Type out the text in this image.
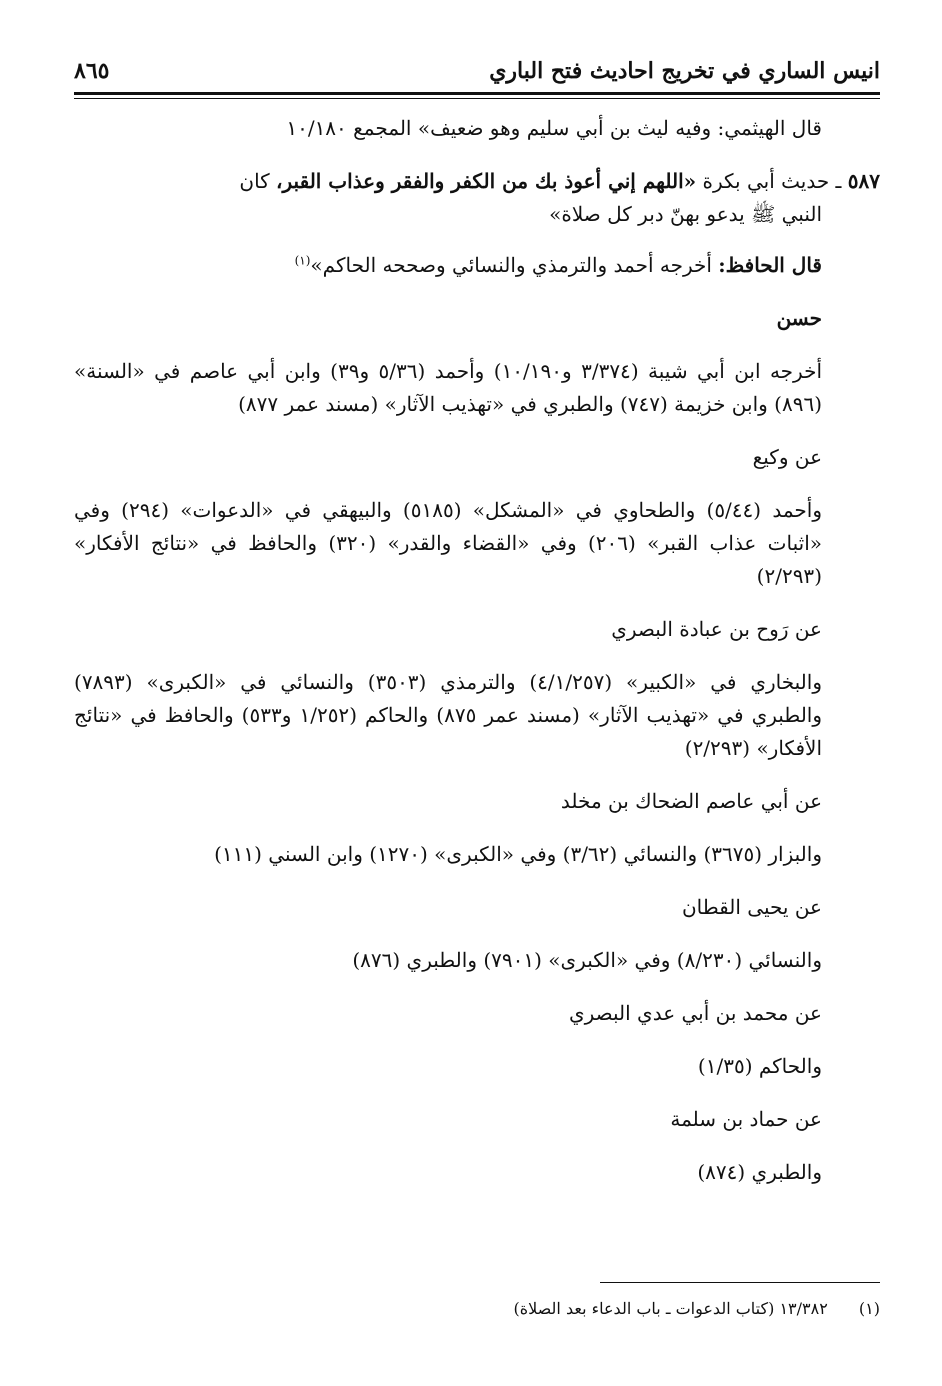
انيس الساري في تخريج احاديث فتح الباري
٨٦٥

قال الهيثمي: وفيه ليث بن أبي سليم وهو ضعيف» المجمع ١٠/١٨٠

٥٨٧ ـ حديث أبي بكرة «اللهم إني أعوذ بك من الكفر والفقر وعذاب القبر، كان
النبي ﷺ يدعو بهنّ دبر كل صلاة»

قال الحافظ: أخرجه أحمد والترمذي والنسائي وصححه الحاكم»$^{(١)}$

حسن

أخرجه ابن أبي شيبة (٣/٣٧٤ و١٠/١٩٠) وأحمد (٥/٣٦ و٣٩) وابن أبي عاصم في «السنة» (٨٩٦) وابن خزيمة (٧٤٧) والطبري في «تهذيب الآثار» (مسند عمر ٨٧٧)

عن وكيع

وأحمد (٥/٤٤) والطحاوي في «المشكل» (٥١٨٥) والبيهقي في «الدعوات» (٢٩٤) وفي «اثبات عذاب القبر» (٢٠٦) وفي «القضاء والقدر» (٣٢٠) والحافظ في «نتائج الأفكار» (٢/٢٩٣)

عن رَوح بن عبادة البصري

والبخاري في «الكبير» (٤/١/٢٥٧) والترمذي (٣٥٠٣) والنسائي في «الكبرى» (٧٨٩٣) والطبري في «تهذيب الآثار» (مسند عمر ٨٧٥) والحاكم (١/٢٥٢ و٥٣٣) والحافظ في «نتائج الأفكار» (٢/٢٩٣)

عن أبي عاصم الضحاك بن مخلد

والبزار (٣٦٧٥) والنسائي (٣/٦٢) وفي «الكبرى» (١٢٧٠) وابن السني (١١١)

عن يحيى القطان

والنسائي (٨/٢٣٠) وفي «الكبرى» (٧٩٠١) والطبري (٨٧٦)

عن محمد بن أبي عدي البصري

والحاكم (١/٣٥)

عن حماد بن سلمة

والطبري (٨٧٤)

(١) ١٣/٣٨٢ (كتاب الدعوات ـ باب الدعاء بعد الصلاة)
